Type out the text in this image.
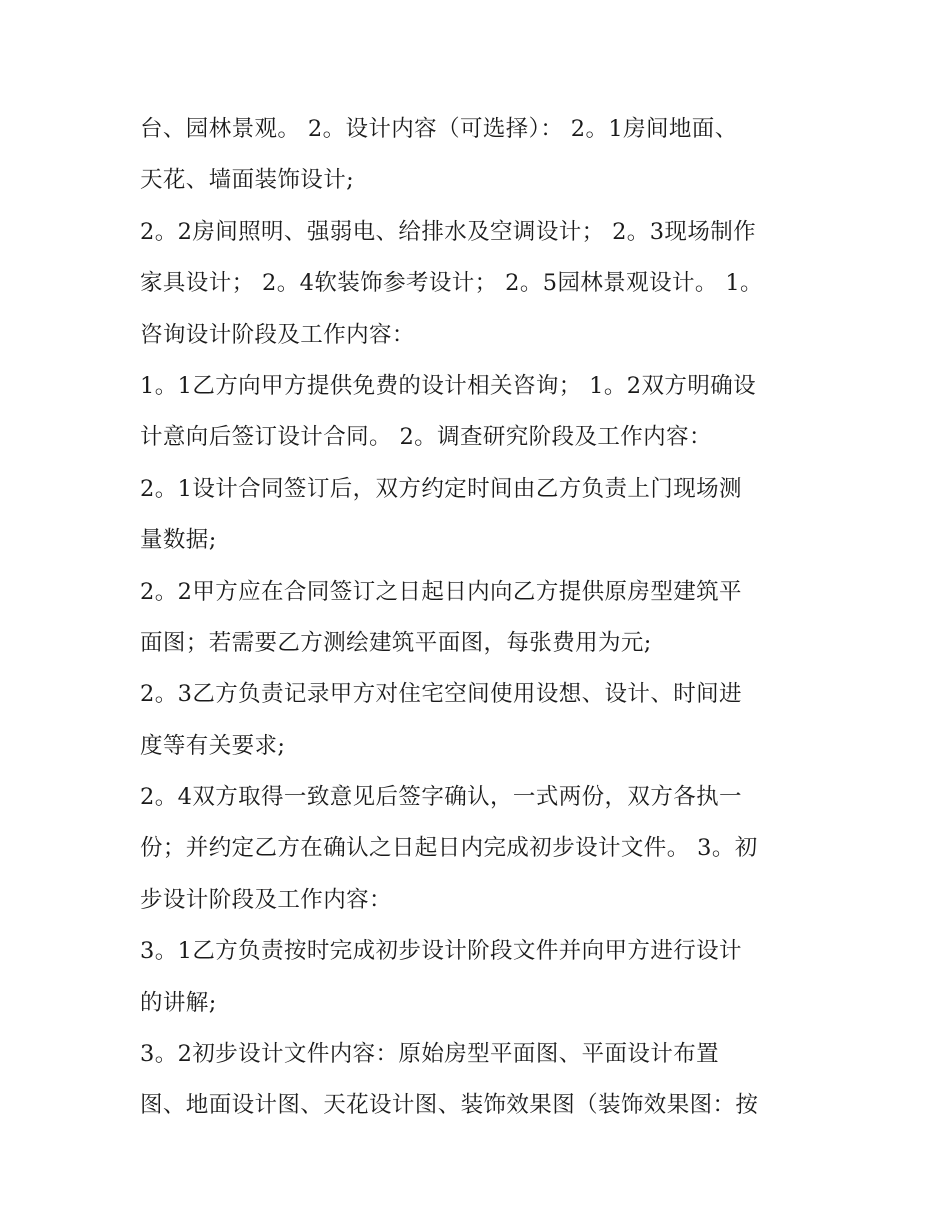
台、园林景观。 2。设计内容（可选择）： 2。1房间地面、
天花、墙面装饰设计;
2。2房间照明、强弱电、给排水及空调设计； 2。3现场制作
家具设计； 2。4软装饰参考设计； 2。5园林景观设计。 1。
咨询设计阶段及工作内容：
1。1乙方向甲方提供免费的设计相关咨询； 1。2双方明确设
计意向后签订设计合同。 2。调查研究阶段及工作内容：
2。1设计合同签订后，双方约定时间由乙方负责上门现场测
量数据;
2。2甲方应在合同签订之日起日内向乙方提供原房型建筑平
面图；若需要乙方测绘建筑平面图，每张费用为元;
2。3乙方负责记录甲方对住宅空间使用设想、设计、时间进
度等有关要求;
2。4双方取得一致意见后签字确认，一式两份，双方各执一
份；并约定乙方在确认之日起日内完成初步设计文件。 3。初
步设计阶段及工作内容：
3。1乙方负责按时完成初步设计阶段文件并向甲方进行设计
的讲解;
3。2初步设计文件内容：原始房型平面图、平面设计布置
图、地面设计图、天花设计图、装饰效果图（装饰效果图：按
